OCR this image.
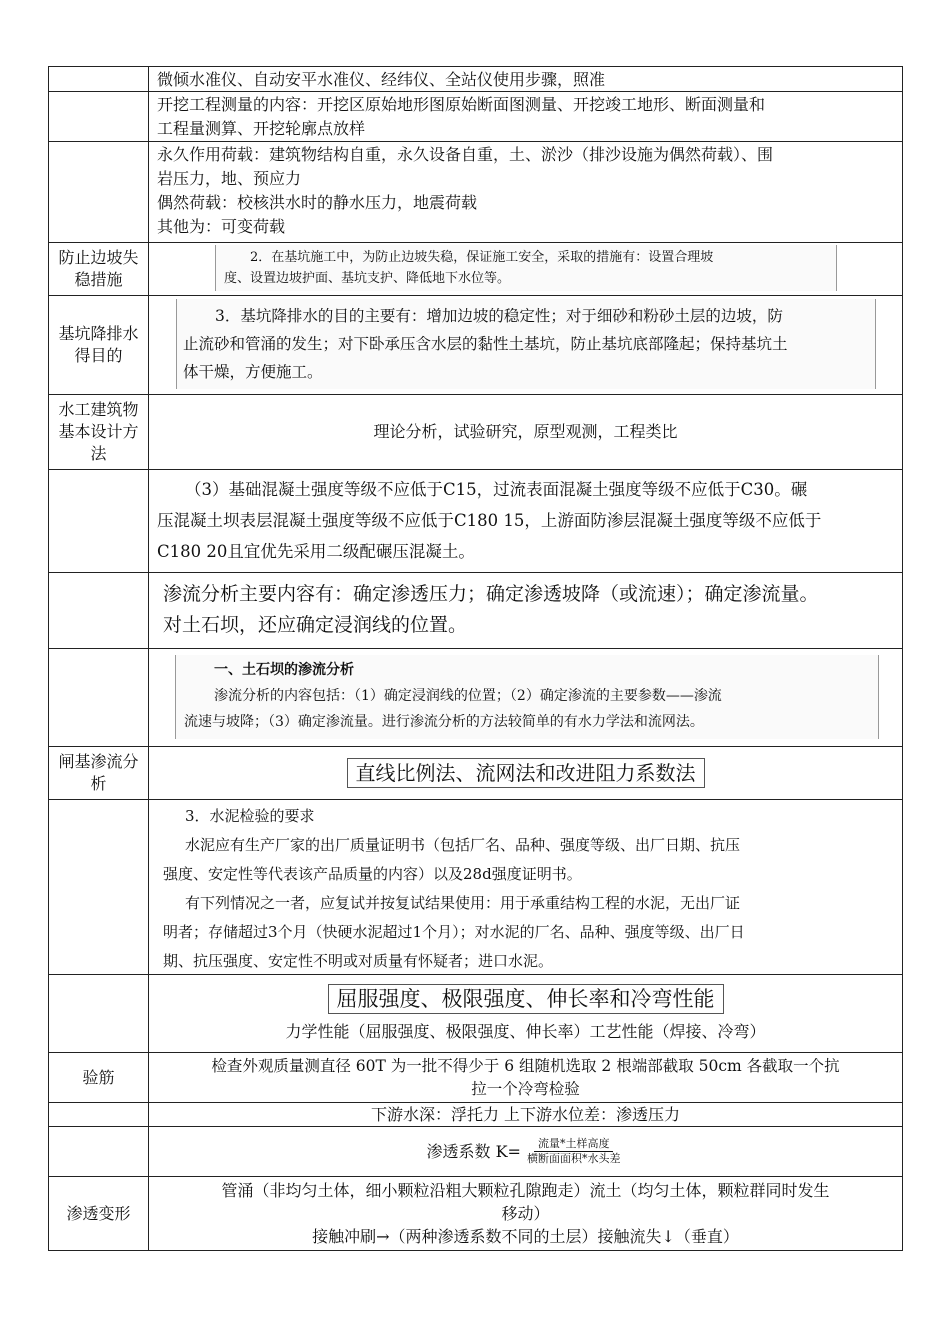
微倾水准仪、自动安平水准仪、经纬仪、全站仪使用步骤，照准

开挖工程测量的内容：开挖区原始地形图原始断面图测量、开挖竣工地形、断面测量和

工程量测算、开挖轮廓点放样

永久作用荷载：建筑物结构自重，永久设备自重，土、淤沙（排沙设施为偶然荷载）、围

岩压力，地、预应力

偶然荷载：校核洪水时的静水压力，地震荷载

其他为：可变荷载

防止边坡失稳措施

2．在基坑施工中，为防止边坡失稳，保证施工安全，采取的措施有：设置合理坡

度、设置边坡护面、基坑支护、降低地下水位等。

基坑降排水得目的

3．基坑降排水的目的主要有：增加边坡的稳定性；对于细砂和粉砂土层的边坡，防

止流砂和管涌的发生；对下卧承压含水层的黏性土基坑，防止基坑底部隆起；保持基坑土

体干燥，方便施工。

水工建筑物基本设计方法

理论分析，试验研究，原型观测，工程类比

（3）基础混凝土强度等级不应低于C15，过流表面混凝土强度等级不应低于C30。碾

压混凝土坝表层混凝土强度等级不应低于C180 15，上游面防渗层混凝土强度等级不应低于

C180 20且宜优先采用二级配碾压混凝土。

渗流分析主要内容有：确定渗透压力；确定渗透坡降（或流速）；确定渗流量。

对土石坝，还应确定浸润线的位置。

一、土石坝的渗流分析

渗流分析的内容包括：（1）确定浸润线的位置；（2）确定渗流的主要参数——渗流

流速与坡降；（3）确定渗流量。进行渗流分析的方法较简单的有水力学法和流网法。

闸基渗流分析	直线比例法、流网法和改进阻力系数法

3．水泥检验的要求

水泥应有生产厂家的出厂质量证明书（包括厂名、品种、强度等级、出厂日期、抗压

强度、安定性等代表该产品质量的内容）以及28d强度证明书。

有下列情况之一者，应复试并按复试结果使用：用于承重结构工程的水泥，无出厂证

明者；存储超过3个月（快硬水泥超过1个月）；对水泥的厂名、品种、强度等级、出厂日

期、抗压强度、安定性不明或对质量有怀疑者；进口水泥。

屈服强度、极限强度、伸长率和冷弯性能

力学性能（屈服强度、极限强度、伸长率）工艺性能（焊接、冷弯）

验筋

检查外观质量测直径 60T 为一批不得少于 6 组随机选取 2 根端部截取 50cm 各截取一个抗

拉一个冷弯检验

下游水深：浮托力 上下游水位差：渗透压力

渗透系数 $K= \frac{\text{流量*土样高度}}{\text{横断面面积*水头差}}$
渗透变形

管涌（非均匀土体，细小颗粒沿粗大颗粒孔隙跑走）流土（均匀土体，颗粒群同时发生

移动）

接触冲刷→（两种渗透系数不同的土层）接触流失↓（垂直）
